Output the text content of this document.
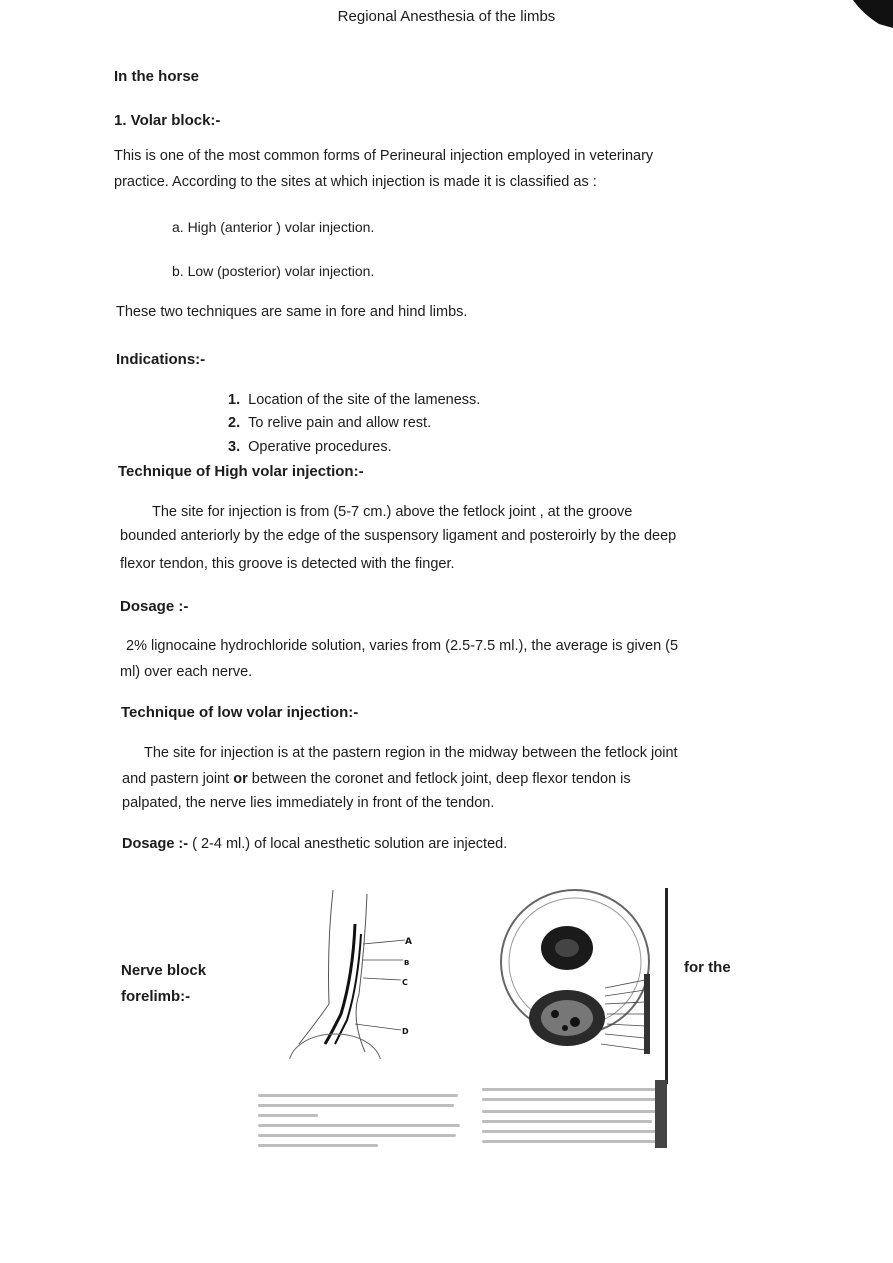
Regional Anesthesia of the limbs
In the horse
1. Volar block:-
This is one of the most common forms of Perineural injection employed in veterinary
practice. According to the sites at which injection is made it is classified as :
a. High (anterior ) volar injection.
b. Low (posterior) volar injection.
These two techniques are same in fore and hind limbs.
Indications:-
1. Location of the site of the lameness.
2. To relive pain and allow rest.
3. Operative procedures.
Technique of High volar injection:-
The site for injection is from (5-7 cm.) above the fetlock joint , at the groove
bounded anteriorly by the edge of the suspensory ligament and posteroirly by the deep
flexor tendon, this groove is detected with the finger.
Dosage :-
2% lignocaine hydrochloride solution, varies from (2.5-7.5 ml.), the average is given (5
ml) over each nerve.
Technique of low volar injection:-
The site for injection is at the pastern region in the midway between the fetlock joint
and pastern joint or between the coronet and fetlock joint, deep flexor tendon is
palpated, the nerve lies immediately in front of the tendon.
Dosage :- ( 2-4 ml.) of local anesthetic solution are injected.
Nerve block
forelimb:-
for the
A
B
C
D
